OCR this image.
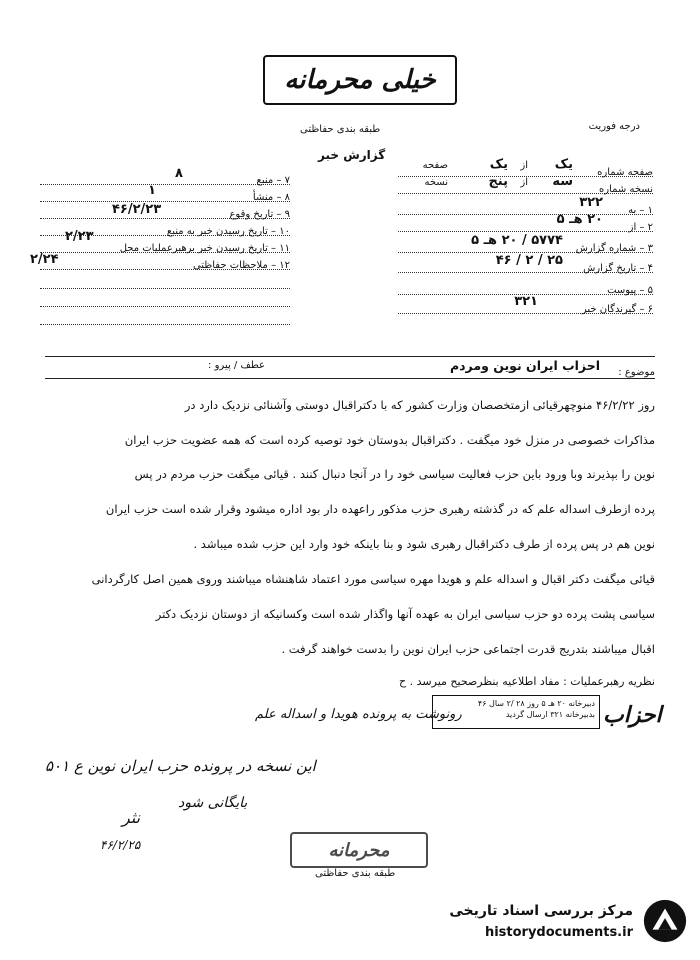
خیلی محرمانه
درجه فوریت
طبقه بندی حفاظتی
گزارش خبر
۷ – منبع
۸
۸ – منشأ
۱
۹ – تاریخ وقوع
۴۶/۲/۲۳
۱۰ – تاریخ رسیدن خبر به منبع
۲/۲۳
۱۱ – تاریخ رسیدن خبر برهبرعملیات محل
۲/۲۴	۱۲ – ملاحظات حفاظتی
صفحه شماره
یک
از
یک
صفحه
نسخه شماره
سه
از
پنج
نسخه
۱ – به
۳۲۲
۲ – از
۲۰ هـ ۵
۳ – شماره گزارش
۵۷۷۴ / ۲۰ هـ ۵
۴ – تاریخ گزارش
۲۵ / ۲ / ۴۶
۵ – پیوست
۶ – گیرندگان خبر
۳۲۱
موضوع :
احزاب ایران نوین ومردم
عطف / پیرو :
روز ۴۶/۲/۲۲ منوچهرقیائی ازمتخصصان وزارت کشور که با دکتراقبال دوستی وآشنائی نزدیک دارد در
مذاکرات خصوصی در منزل خود میگفت . دکتراقبال بدوستان خود توصیه کرده است که همه عضویت حزب ایران
نوین را بپذیرند وبا ورود باین حزب فعالیت سیاسی خود را در آنجا دنبال کنند . قیائی میگفت حزب مردم در پس
پرده ازطرف اسداله علم که در گذشته رهبری حزب مذکور راعهده دار بود اداره میشود وقرار شده است حزب ایران
نوین هم در پس پرده از طرف دکتراقبال رهبری شود و بنا باینکه خود وارد این حزب شده میباشد .
قیائی میگفت دکتر اقبال و اسداله علم و هویدا مهره سیاسی مورد اعتماد شاهنشاه میباشند وروی همین اصل کارگردانی
سیاسی پشت پرده دو حزب سیاسی ایران به عهده آنها واگذار شده است وکسانیکه از دوستان نزدیک دکتر
اقبال میباشند بتدریج قدرت اجتماعی حزب ایران نوین را بدست خواهند گرفت .
نظریه رهبرعملیات : مفاد اطلاعیه بنظرصحیح میرسد . ح
دبیرخانه ۲۰ هـ ۵ روز ۲۸ /۲ سال ۴۶
بدبیرخانه ۳۲۱ ارسال گردید احزاب
رونوشت به پرونده هویدا و اسداله علم
این نسخه در پرونده حزب ایران نوین ع ۵۰۱
بایگانی شود
نثر
۴۶/۲/۲۵	محرمانه
طبقه بندی حفاظتی
مرکز بررسی اسناد تاریخی
historydocuments.ir
